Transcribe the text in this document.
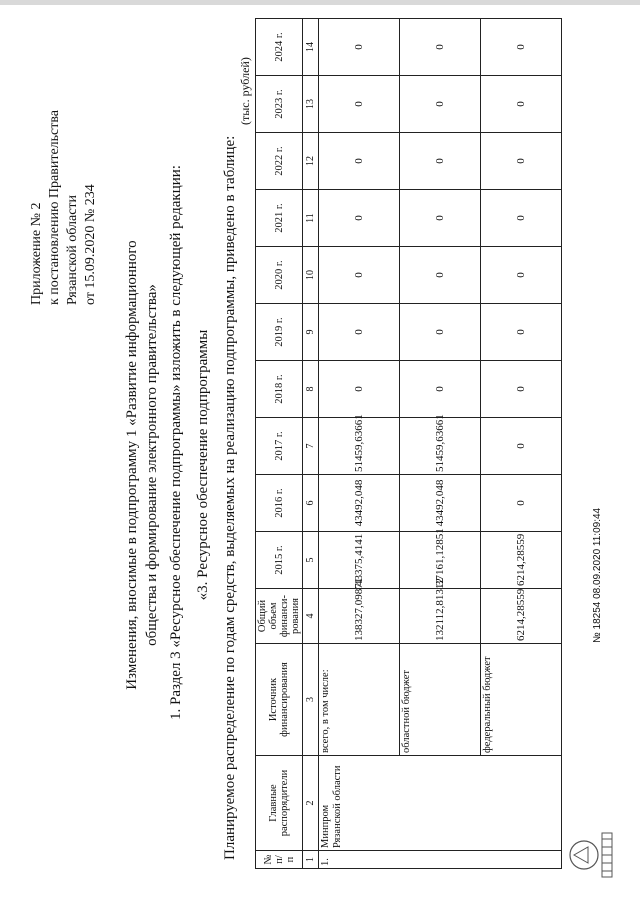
Приложение № 2 к постановлению Правительства Рязанской области от 15.09.2020 № 234 Изменения, вносимые в подпрограмму 1 «Развитие информационного общества и формирование электронного правительства» 1. Раздел 3 «Ресурсное обеспечение подпрограммы» изложить в следующей редакции: «3. Ресурсное обеспечение подпрограммы Планируемое распределение по годам средств, выделяемых на реализацию подпрограммы, приведено в таблице:
(тыс. рублей)
№ п/п	Главные распорядители	Источник финансирования	Общий объем финанси-рования	2015 г.	2016 г.	2017 г.	2018 г.	2019 г.	2020 г.	2021 г.	2022 г.	2023 г.	2024 г.
1	2	3	4	5	6	7	8	9	10	11	12	13	14
1.	Минпром Рязанской области	всего, в том числе:	138327,09871	43375,4141	43492,048	51459,63661	0	0	0	0	0	0	0
		областной бюджет	132112,81312	37161,12851	43492,048	51459,63661	0	0	0	0	0	0	0
		федеральный бюджет	6214,28559	6214,28559	0	0	0	0	0	0	0	0	0
№ 18254 08.09.2020 11:09:44
